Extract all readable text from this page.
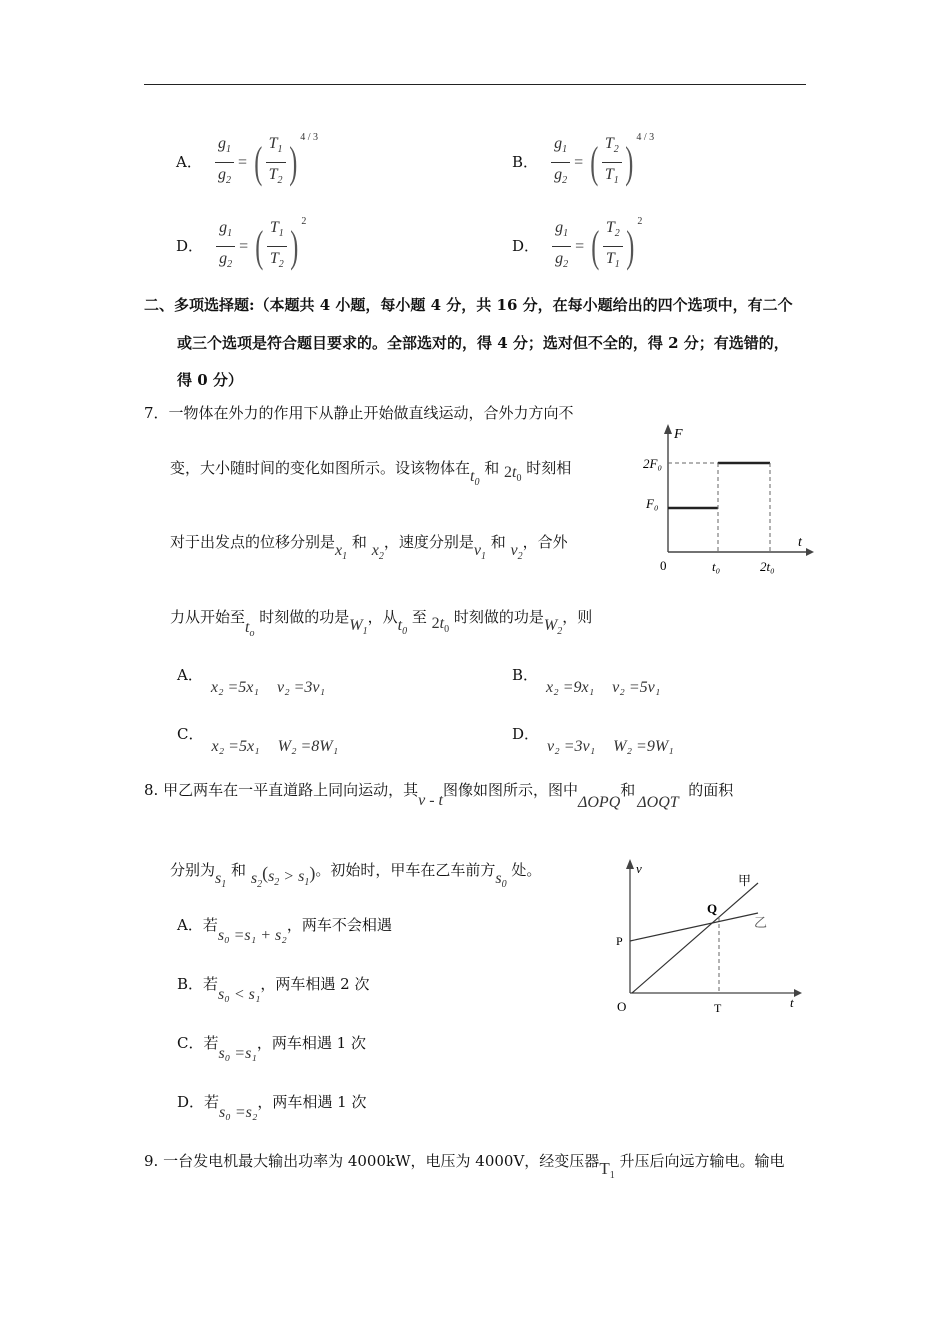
A． $\frac{g_1}{g_2}$ = ( $\frac{T_1}{T_2}$ ) 4 / 3
B． $\frac{g_1}{g_2}$ = ( $\frac{T_2}{T_1}$ ) 4 / 3
D． $\frac{g_1}{g_2}$ = ( $\frac{T_1}{T_2}$ ) 2
D． $\frac{g_1}{g_2}$ = ( $\frac{T_2}{T_1}$ ) 2
二、多项选择题:（本题共 4 小题，每小题 4 分，共 16 分，在每小题给出的四个选项中，有二个
或三个选项是符合题目要求的。全部选对的，得 4 分；选对但不全的，得 2 分；有选错的，
得 0 分）
7．一物体在外力的作用下从静止开始做直线运动，合外力方向不
变，大小随时间的变化如图所示。设该物体在$t_0$ 和 $2t_0$ 时刻相
对于出发点的位移分别是$x_1$ 和 $x_2$，速度分别是$v_1$ 和 $v_2$，合外
力从开始至$t_o$ 时刻做的功是$W_1$，从$t_0$ 至 $2t_0$ 时刻做的功是$W_2$，则
A．x₂ =5x₁ v₂ =3v₁
B．x₂ =9x₁ v₂ =5v₁
C．x₂ =5x₁ W₂ =8W₁
D．v₂ =3v₁ W₂ =9W₁
F
t
2F₀
F₀
0	t₀	2t₀
8. 甲乙两车在一平直道路上同向运动，其v - t图像如图所示，图中ΔOPQ和ΔOQT  的面积
分别为$s_1$ 和 $s_2(s_2 > s_1)$。初始时，甲车在乙车前方$s_0$ 处。
A．若s₀ =s₁ + s₂，两车不会相遇
B．若s₀ < s₁，两车相遇 2 次
C．若s₀ =s₁，两车相遇 1 次
D．若s₀ =s₂，两车相遇 1 次
v
t
P
O
Q
T
甲
乙
9. 一台发电机最大输出功率为 4000kW，电压为 4000V，经变压器$T_1$ 升压后向远方输电。输电
